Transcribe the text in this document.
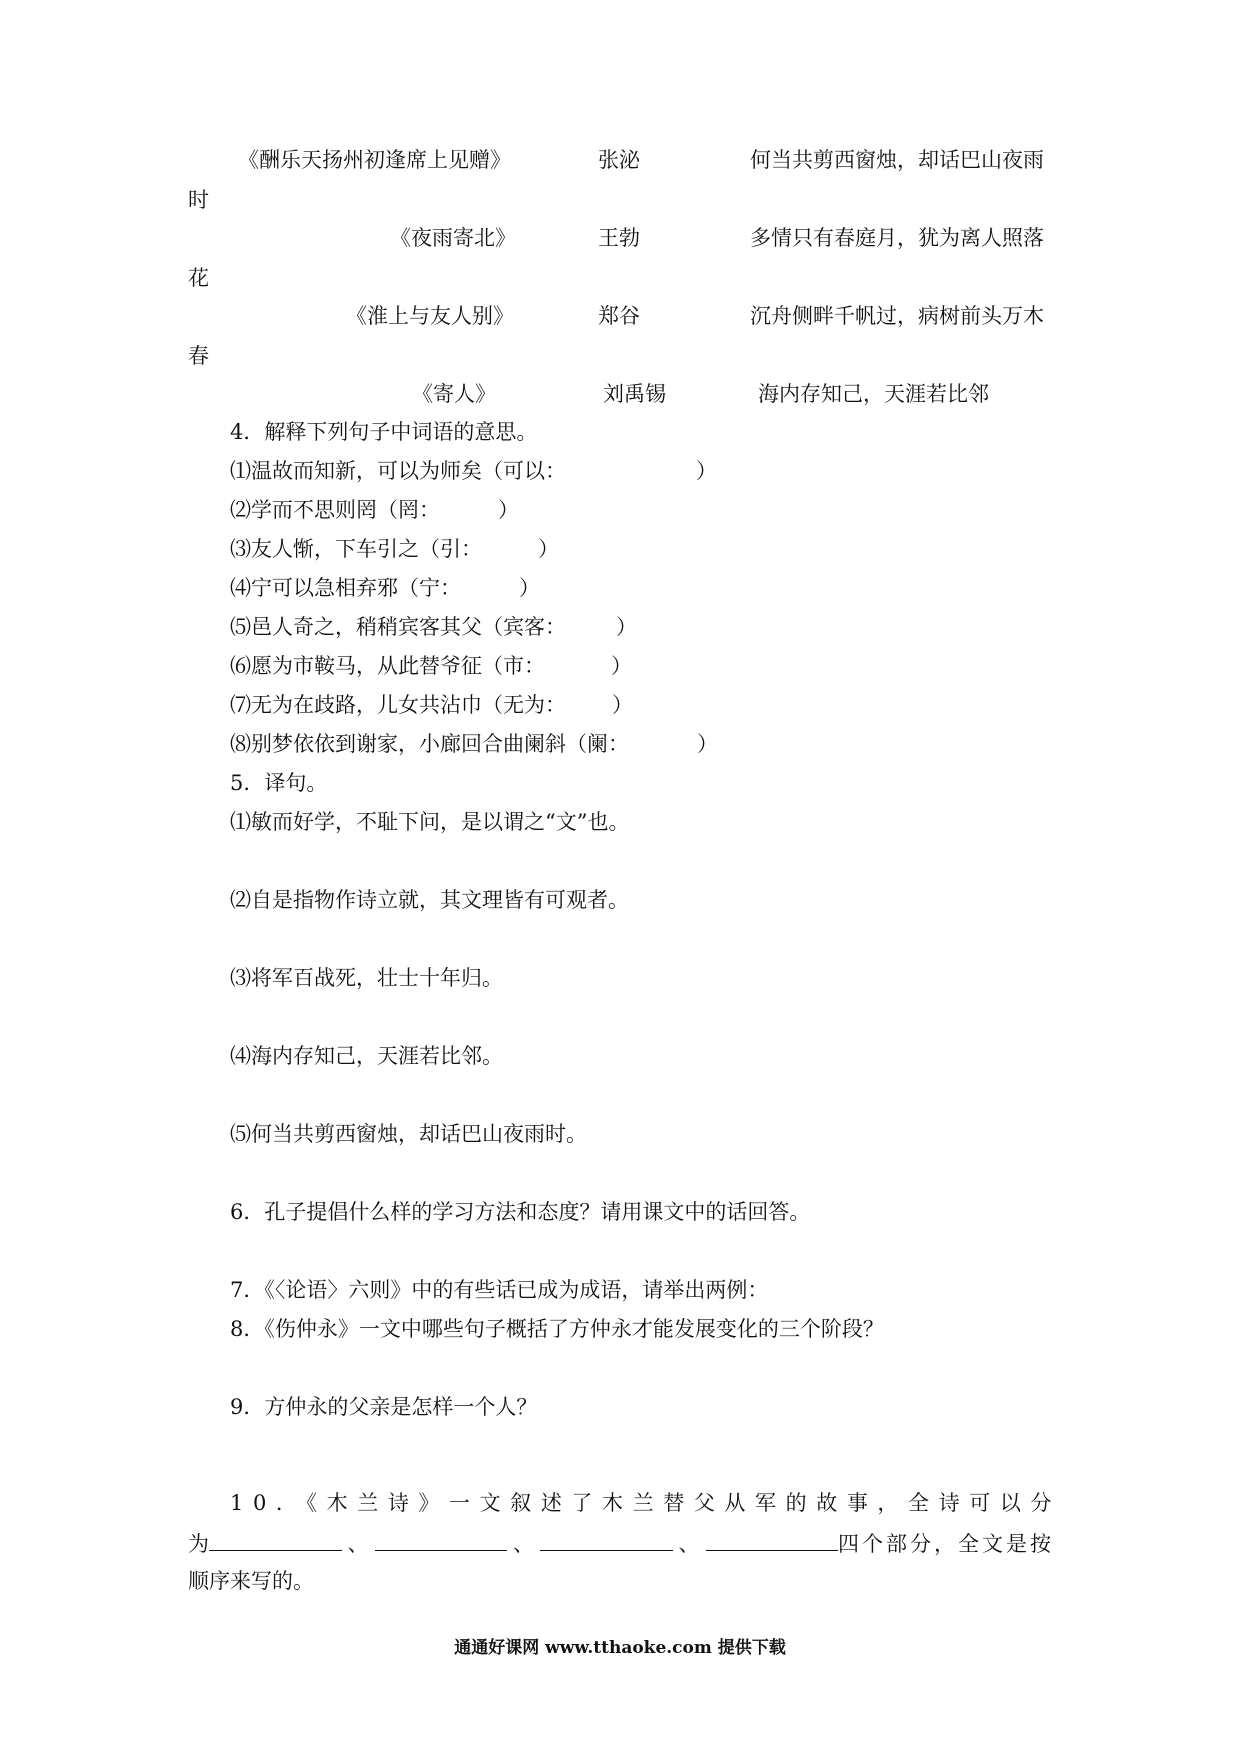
《酬乐天扬州初逢席上见赠》	张泌	何当共剪西窗烛，却话巴山夜雨
时
《夜雨寄北》	王勃	多情只有春庭月，犹为离人照落
花
《淮上与友人别》	郑谷	沉舟侧畔千帆过，病树前头万木
春
《寄人》	刘禹锡	海内存知己，天涯若比邻
4．解释下列句子中词语的意思。
⑴温故而知新，可以为师矣（可以：	）
⑵学而不思则罔（罔：	）
⑶友人惭，下车引之（引：	）
⑷宁可以急相弃邪（宁：	）
⑸邑人奇之，稍稍宾客其父（宾客： ）
⑹愿为市鞍马，从此替爷征（市：	）
⑺无为在歧路，儿女共沾巾（无为： ）
⑻别梦依依到谢家，小廊回合曲阑斜（阑：	）
5．译句。
⑴敏而好学，不耻下问，是以谓之“文”也。
⑵自是指物作诗立就，其文理皆有可观者。
⑶将军百战死，壮士十年归。
⑷海内存知己，天涯若比邻。
⑸何当共剪西窗烛，却话巴山夜雨时。
6．孔子提倡什么样的学习方法和态度？请用课文中的话回答。
7．《〈论语〉六则》中的有些话已成为成语，请举出两例：
8．《伤仲永》一文中哪些句子概括了方仲永才能发展变化的三个阶段？
9．方仲永的父亲是怎样一个人？
10．《木兰诗》一文叙述了木兰替父从军的故事，全诗可以分
为	、	、	、	四个部分，全文是按
顺序来写的。
通通好课网 www.tthaoke.com 提供下载
